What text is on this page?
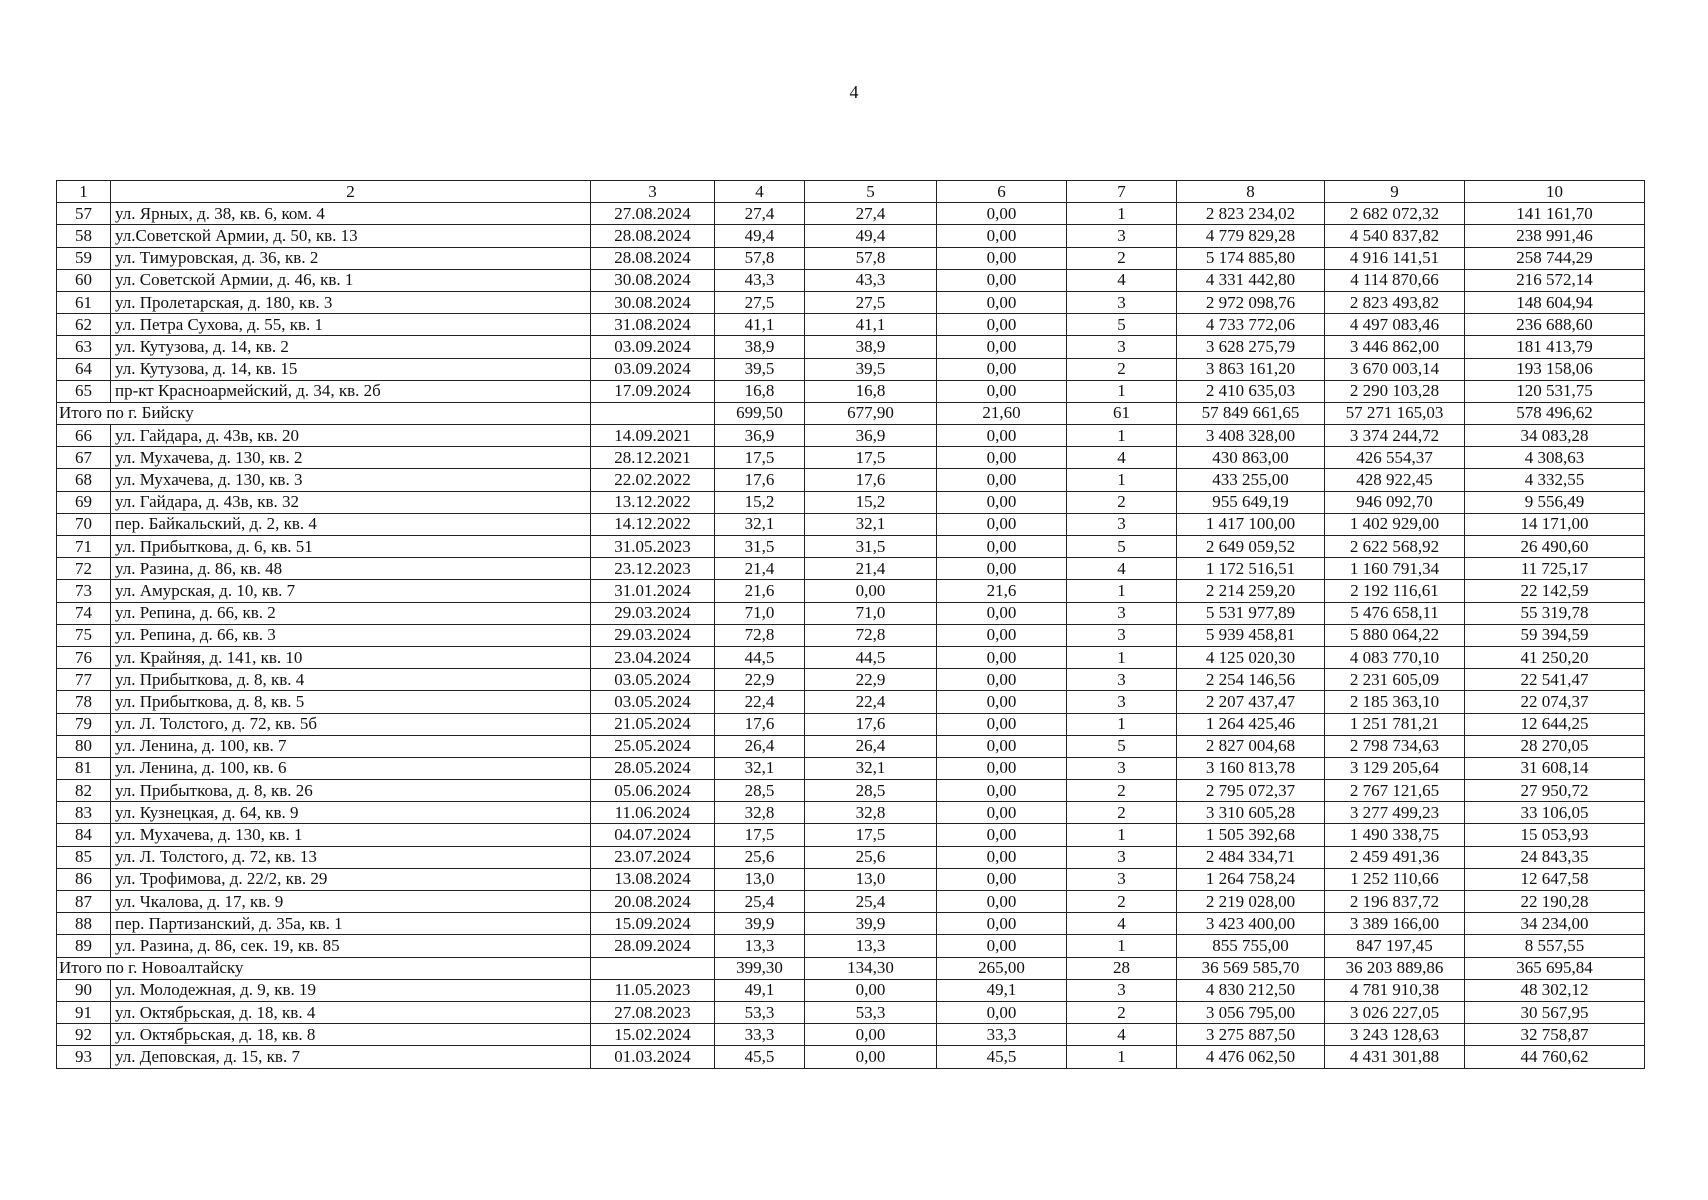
4
1	2	3	4	5	6	7	8	9	10
57	ул. Ярных, д. 38, кв. 6, ком. 4	27.08.2024	27,4	27,4	0,00	1	2 823 234,02	2 682 072,32	141 161,70
58	ул.Советской Армии, д. 50, кв. 13	28.08.2024	49,4	49,4	0,00	3	4 779 829,28	4 540 837,82	238 991,46
59	ул. Тимуровская, д. 36, кв. 2	28.08.2024	57,8	57,8	0,00	2	5 174 885,80	4 916 141,51	258 744,29
60	ул. Советской Армии, д. 46, кв. 1	30.08.2024	43,3	43,3	0,00	4	4 331 442,80	4 114 870,66	216 572,14
61	ул. Пролетарская, д. 180, кв. 3	30.08.2024	27,5	27,5	0,00	3	2 972 098,76	2 823 493,82	148 604,94
62	ул. Петра Сухова, д. 55, кв. 1	31.08.2024	41,1	41,1	0,00	5	4 733 772,06	4 497 083,46	236 688,60
63	ул. Кутузова, д. 14, кв. 2	03.09.2024	38,9	38,9	0,00	3	3 628 275,79	3 446 862,00	181 413,79
64	ул. Кутузова, д. 14, кв. 15	03.09.2024	39,5	39,5	0,00	2	3 863 161,20	3 670 003,14	193 158,06
65	пр-кт Красноармейский, д. 34, кв. 2б	17.09.2024	16,8	16,8	0,00	1	2 410 635,03	2 290 103,28	120 531,75
Итого по г. Бийску			699,50	677,90	21,60	61	57 849 661,65	57 271 165,03	578 496,62
66	ул. Гайдара, д. 43в, кв. 20	14.09.2021	36,9	36,9	0,00	1	3 408 328,00	3 374 244,72	34 083,28
67	ул. Мухачева, д. 130, кв. 2	28.12.2021	17,5	17,5	0,00	4	430 863,00	426 554,37	4 308,63
68	ул. Мухачева, д. 130, кв. 3	22.02.2022	17,6	17,6	0,00	1	433 255,00	428 922,45	4 332,55
69	ул. Гайдара, д. 43в, кв. 32	13.12.2022	15,2	15,2	0,00	2	955 649,19	946 092,70	9 556,49
70	пер. Байкальский, д. 2, кв. 4	14.12.2022	32,1	32,1	0,00	3	1 417 100,00	1 402 929,00	14 171,00
71	ул. Прибыткова, д. 6, кв. 51	31.05.2023	31,5	31,5	0,00	5	2 649 059,52	2 622 568,92	26 490,60
72	ул. Разина, д. 86, кв. 48	23.12.2023	21,4	21,4	0,00	4	1 172 516,51	1 160 791,34	11 725,17
73	ул. Амурская, д. 10, кв. 7	31.01.2024	21,6	0,00	21,6	1	2 214 259,20	2 192 116,61	22 142,59
74	ул. Репина, д. 66, кв. 2	29.03.2024	71,0	71,0	0,00	3	5 531 977,89	5 476 658,11	55 319,78
75	ул. Репина, д. 66, кв. 3	29.03.2024	72,8	72,8	0,00	3	5 939 458,81	5 880 064,22	59 394,59
76	ул. Крайняя, д. 141, кв. 10	23.04.2024	44,5	44,5	0,00	1	4 125 020,30	4 083 770,10	41 250,20
77	ул. Прибыткова, д. 8, кв. 4	03.05.2024	22,9	22,9	0,00	3	2 254 146,56	2 231 605,09	22 541,47
78	ул. Прибыткова, д. 8, кв. 5	03.05.2024	22,4	22,4	0,00	3	2 207 437,47	2 185 363,10	22 074,37
79	ул. Л. Толстого, д. 72, кв. 5б	21.05.2024	17,6	17,6	0,00	1	1 264 425,46	1 251 781,21	12 644,25
80	ул. Ленина, д. 100, кв. 7	25.05.2024	26,4	26,4	0,00	5	2 827 004,68	2 798 734,63	28 270,05
81	ул. Ленина, д. 100, кв. 6	28.05.2024	32,1	32,1	0,00	3	3 160 813,78	3 129 205,64	31 608,14
82	ул. Прибыткова, д. 8, кв. 26	05.06.2024	28,5	28,5	0,00	2	2 795 072,37	2 767 121,65	27 950,72
83	ул. Кузнецкая, д. 64, кв. 9	11.06.2024	32,8	32,8	0,00	2	3 310 605,28	3 277 499,23	33 106,05
84	ул. Мухачева, д. 130, кв. 1	04.07.2024	17,5	17,5	0,00	1	1 505 392,68	1 490 338,75	15 053,93
85	ул. Л. Толстого, д. 72, кв. 13	23.07.2024	25,6	25,6	0,00	3	2 484 334,71	2 459 491,36	24 843,35
86	ул. Трофимова, д. 22/2, кв. 29	13.08.2024	13,0	13,0	0,00	3	1 264 758,24	1 252 110,66	12 647,58
87	ул. Чкалова, д. 17, кв. 9	20.08.2024	25,4	25,4	0,00	2	2 219 028,00	2 196 837,72	22 190,28
88	пер. Партизанский, д. 35а, кв. 1	15.09.2024	39,9	39,9	0,00	4	3 423 400,00	3 389 166,00	34 234,00
89	ул. Разина, д. 86, сек. 19, кв. 85	28.09.2024	13,3	13,3	0,00	1	855 755,00	847 197,45	8 557,55
Итого по г. Новоалтайску			399,30	134,30	265,00	28	36 569 585,70	36 203 889,86	365 695,84
90	ул. Молодежная, д. 9, кв. 19	11.05.2023	49,1	0,00	49,1	3	4 830 212,50	4 781 910,38	48 302,12
91	ул. Октябрьская, д. 18, кв. 4	27.08.2023	53,3	53,3	0,00	2	3 056 795,00	3 026 227,05	30 567,95
92	ул. Октябрьская, д. 18, кв. 8	15.02.2024	33,3	0,00	33,3	4	3 275 887,50	3 243 128,63	32 758,87
93	ул. Деповская, д. 15, кв. 7	01.03.2024	45,5	0,00	45,5	1	4 476 062,50	4 431 301,88	44 760,62
